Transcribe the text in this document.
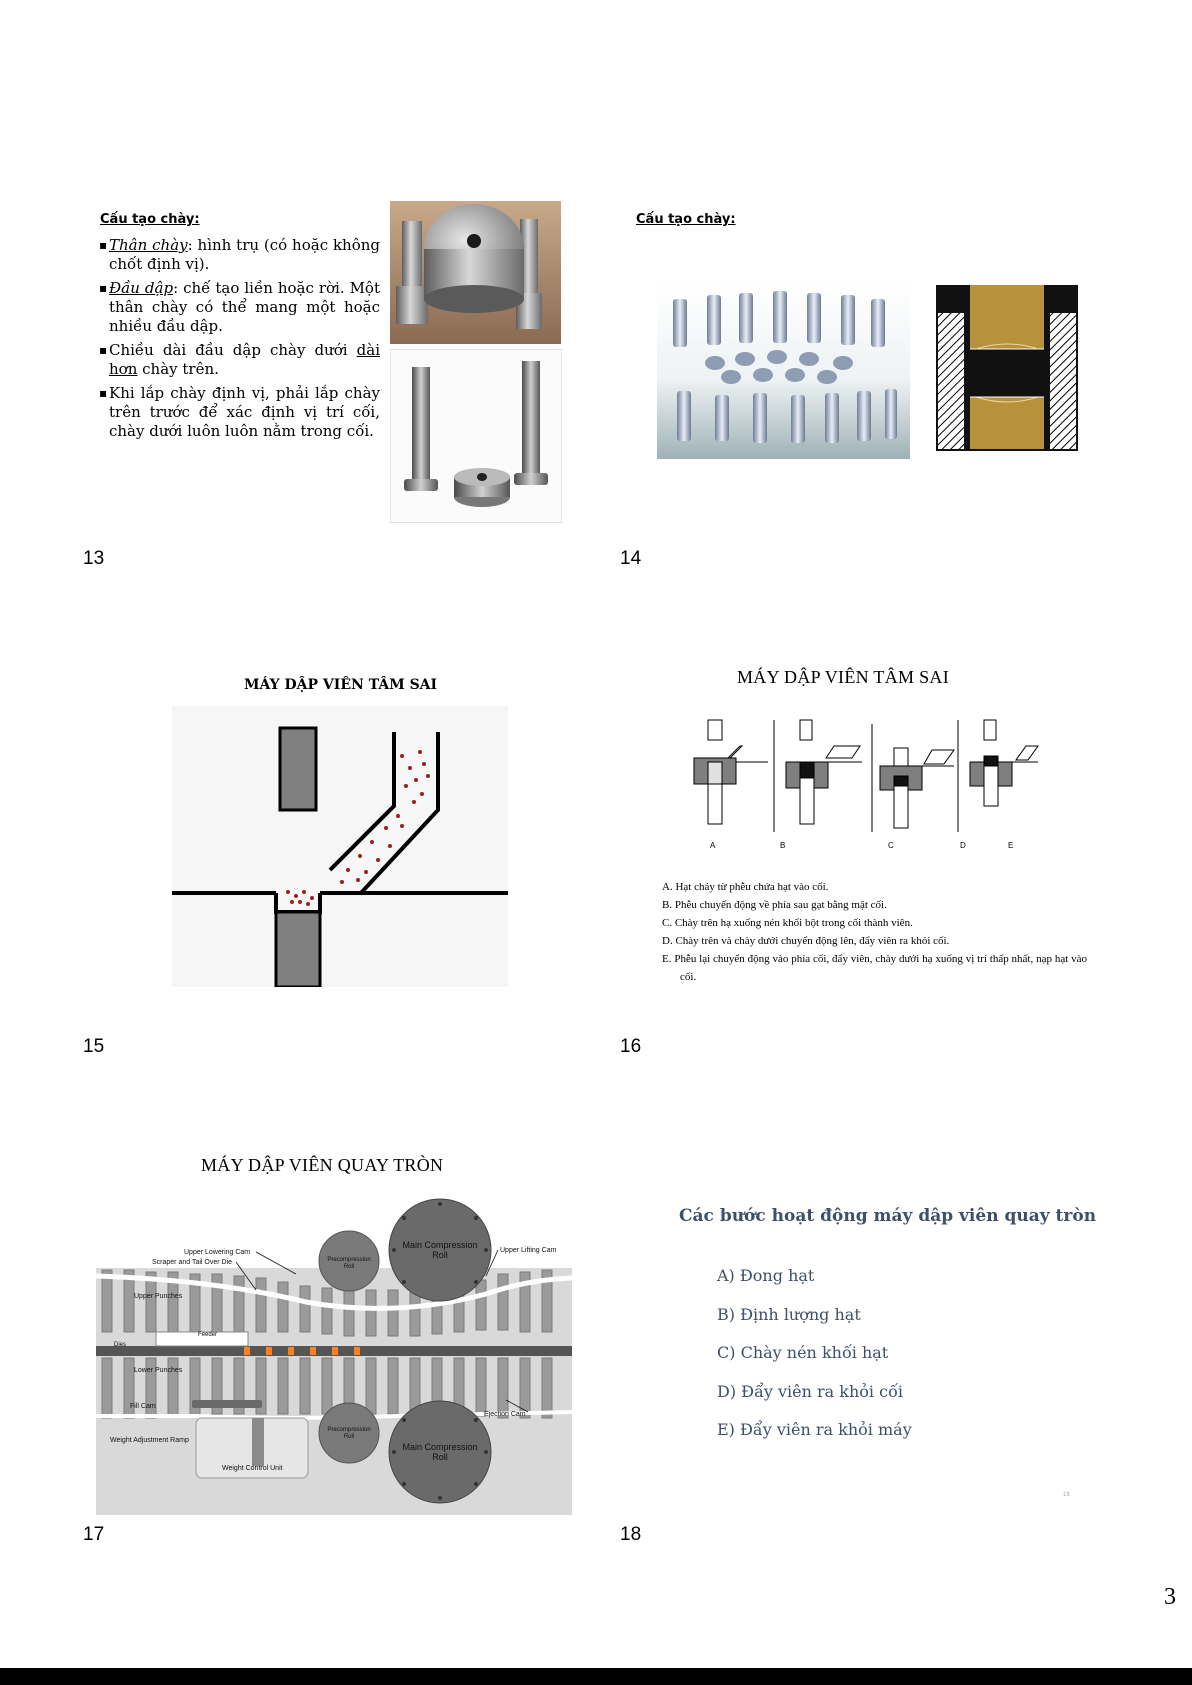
Cấu tạo chày:
▪ Thân chày: hình trụ (có hoặc không chốt định vị).
▪ Đầu dập: chế tạo liền hoặc rời. Một thân chày có thể mang một hoặc nhiều đầu dập.
▪ Chiều dài đầu dập chày dưới dài hơn chày trên.
▪ Khi lắp chày định vị, phải lắp chày trên trước để xác định vị trí cối, chày dưới luôn luôn nằm trong cối.
13
Cấu tạo chày:
14
MÁY DẬP VIÊN TÂM SAI
15
MÁY DẬP VIÊN TÂM SAI
A	B	C	D	E
A. Hạt chảy từ phễu chứa hạt vào cối.
B. Phễu chuyển động về phía sau gạt bằng mặt cối.
C. Chày trên hạ xuống nén khối bột trong cối thành viên.
D. Chày trên và chày dưới chuyển động lên, đẩy viên ra khỏi cối.
E. Phễu lại chuyển động vào phía cối, đẩy viên, chày dưới hạ xuống vị trí thấp nhất, nạp hạt vào cối.
16
MÁY DẬP VIÊN QUAY TRÒN
Main Compression
Roll
Main Compression
Roll
Precompression
Roll
Precompression
Roll
Upper Lowering Cam
Scraper and Tail Over Die
Upper Lifting Cam
Upper Punches
Feeder
Dies
Lower Punches
Fill Cam
Weight Adjustment Ramp
Weight Control Unit
Ejection Cam
17
Các bước hoạt động máy dập viên quay tròn
A) Đong hạt
B) Định lượng hạt
C) Chày nén khối hạt
D) Đẩy viên ra khỏi cối
E) Đẩy viên ra khỏi máy
18
18
3
